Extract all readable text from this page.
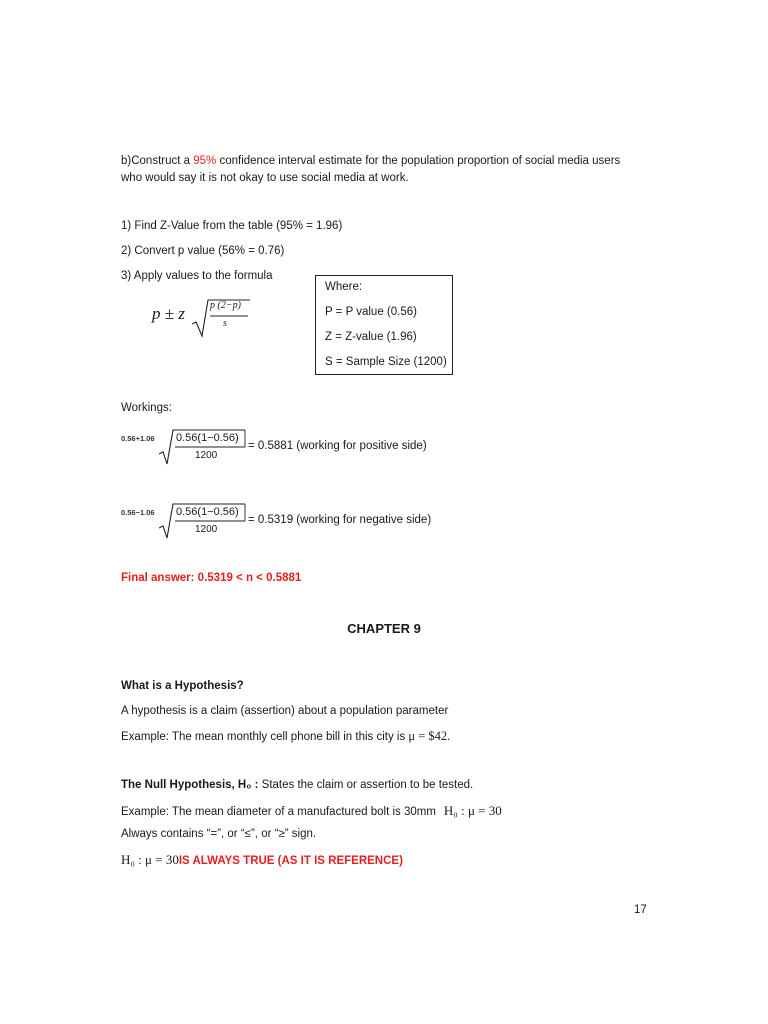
b)Construct a 95% confidence interval estimate for the population proportion of social media users
who would say it is not okay to use social media at work.
1) Find Z-Value from the table (95% = 1.96)
2) Convert p value (56% = 0.76)
3) Apply values to the formula
p ± z	p (2−p)
s
Where:
P = P value (0.56)
Z = Z-value (1.96)
S = Sample Size (1200)
Workings:
0.56+1.06 0.56(1−0.56)
1200
= 0.5881 (working for positive side)
0.56−1.06 0.56(1−0.56)
1200
= 0.5319 (working for negative side)
Final answer: 0.5319 < n < 0.5881
CHAPTER 9
What is a Hypothesis?
A hypothesis is a claim (assertion) about a population parameter
Example: The mean monthly cell phone bill in this city is μ = $42.
The Null Hypothesis, H₀ : States the claim or assertion to be tested.
Example: The mean diameter of a manufactured bolt is 30mm H₀ : μ = 30
Always contains “=”, or “≤”, or “≥” sign.
H₀ : μ = 30IS ALWAYS TRUE (AS IT IS REFERENCE)
17
